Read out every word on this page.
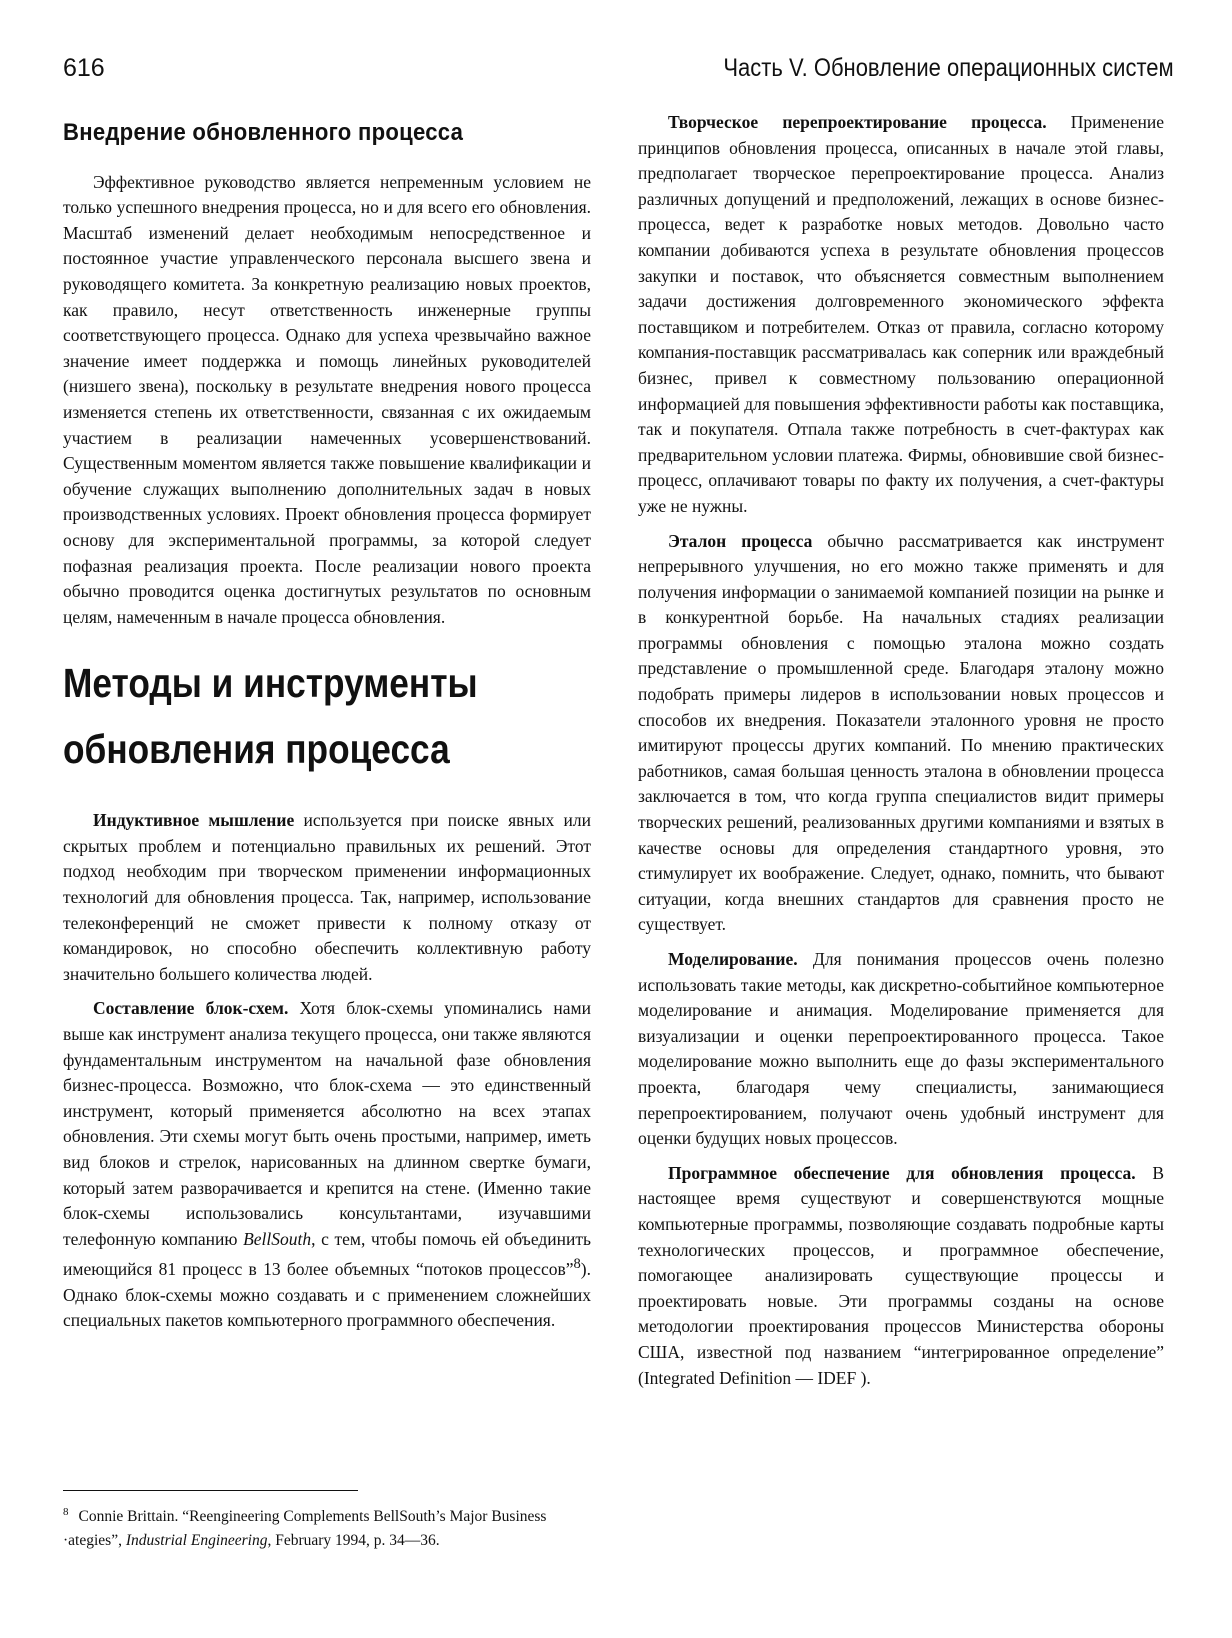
616	Часть V. Обновление операционных систем
Внедрение обновленного процесса

Эффективное руководство является непременным условием не только успешного внедрения процесса, но и для всего его обновления. Масштаб изменений делает необходимым непосредственное и постоянное участие управленческого персонала высшего звена и руководящего комитета. За конкретную реализацию новых проектов, как правило, несут ответственность инженерные группы соответствующего процесса. Однако для успеха чрезвычайно важное значение имеет поддержка и помощь линейных руководителей (низшего звена), поскольку в результате внедрения нового процесса изменяется степень их ответственности, связанная с их ожидаемым участием в реализации намеченных усовершенствований. Существенным моментом является также повышение квалификации и обучение служащих выполнению дополнительных задач в новых производственных условиях. Проект обновления процесса формирует основу для экспериментальной программы, за которой следует пофазная реализация проекта. После реализации нового проекта обычно проводится оценка достигнутых результатов по основным целям, намеченным в начале процесса обновления.

Методы и инструменты обновления процесса

Индуктивное мышление используется при поиске явных или скрытых проблем и потенциально правильных их решений. Этот подход необходим при творческом применении информационных технологий для обновления процесса. Так, например, использование телеконференций не сможет привести к полному отказу от командировок, но способно обеспечить коллективную работу значительно большего количества людей.

Составление блок-схем. Хотя блок-схемы упоминались нами выше как инструмент анализа текущего процесса, они также являются фундаментальным инструментом на начальной фазе обновления бизнес-процесса. Возможно, что блок-схема — это единственный инструмент, который применяется абсолютно на всех этапах обновления. Эти схемы могут быть очень простыми, например, иметь вид блоков и стрелок, нарисованных на длинном свертке бумаги, который затем разворачивается и крепится на стене. (Именно такие блок-схемы использовались консультантами, изучавшими телефонную компанию BellSouth, с тем, чтобы помочь ей объединить имеющийся 81 процесс в 13 более объемных “потоков процессов”$^8$). Однако блок-схемы можно создавать и с применением сложнейших специальных пакетов компьютерного программного обеспечения.

Творческое перепроектирование процесса. Применение принципов обновления процесса, описанных в начале этой главы, предполагает творческое перепроектирование процесса. Анализ различных допущений и предположений, лежащих в основе бизнес-процесса, ведет к разработке новых методов. Довольно часто компании добиваются успеха в результате обновления процессов закупки и поставок, что объясняется совместным выполнением задачи достижения долговременного экономического эффекта поставщиком и потребителем. Отказ от правила, согласно которому компания-поставщик рассматривалась как соперник или враждебный бизнес, привел к совместному пользованию операционной информацией для повышения эффективности работы как поставщика, так и покупателя. Отпала также потребность в счет-фактурах как предварительном условии платежа. Фирмы, обновившие свой бизнес-процесс, оплачивают товары по факту их получения, а счет-фактуры уже не нужны.

Эталон процесса обычно рассматривается как инструмент непрерывного улучшения, но его можно также применять и для получения информации о занимаемой компанией позиции на рынке и в конкурентной борьбе. На начальных стадиях реализации программы обновления с помощью эталона можно создать представление о промышленной среде. Благодаря эталону можно подобрать примеры лидеров в использовании новых процессов и способов их внедрения. Показатели эталонного уровня не просто имитируют процессы других компаний. По мнению практических работников, самая большая ценность эталона в обновлении процесса заключается в том, что когда группа специалистов видит примеры творческих решений, реализованных другими компаниями и взятых в качестве основы для определения стандартного уровня, это стимулирует их воображение. Следует, однако, помнить, что бывают ситуации, когда внешних стандартов для сравнения просто не существует.

Моделирование. Для понимания процессов очень полезно использовать такие методы, как дискретно-событийное компьютерное моделирование и анимация. Моделирование применяется для визуализации и оценки перепроектированного процесса. Такое моделирование можно выполнить еще до фазы экспериментального проекта, благодаря чему специалисты, занимающиеся перепроектированием, получают очень удобный инструмент для оценки будущих новых процессов.

Программное обеспечение для обновления процесса. В настоящее время существуют и совершенствуются мощные компьютерные программы, позволяющие создавать подробные карты технологических процессов, и программное обеспечение, помогающее анализировать существующие процессы и проектировать новые. Эти программы созданы на основе методологии проектирования процессов Министерства обороны США, известной под названием “интегрированное определение” (Integrated Definition — IDEF ).

$^8$ Connie Brittain. “Reengineering Complements BellSouth’s Major Business ·ategies”, Industrial Engineering, February 1994, p. 34—36.
